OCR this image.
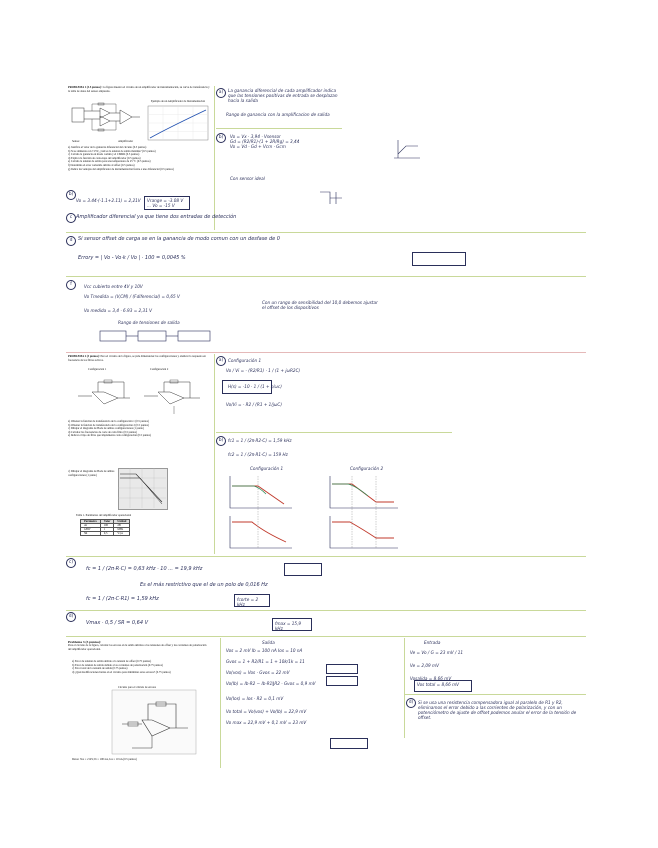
PROBLEMA 1 (3.5 puntos): La figura muestra el circuito de un amplificador de instrumentación, su curva de transferencia y la tabla de datos del sensor empleado.
Sensor	Amplificador
Ejemplo de un Amplificador de Instrumentación
a) Justifica el valor de la ganancia diferencial del circuito (0.5 puntos)
b) Si se alimenta con ±15V, ¿cuál es la tensión de salida máxima? (0.5 puntos)
c) Calcula la ganancia en modo común y el CMRR (0.5 puntos)
d) Explica la función de cada etapa del amplificador (0.5 puntos)
e) Calcula la tensión de salida para una temperatura de 25 °C (0.5 puntos)
f) Determina el error cometido debido al offset (0.5 puntos)
g) Indica las ventajas del amplificador de instrumentación frente a uno diferencial (0.5 puntos)
a)	La ganancia diferencial de cada amplificador indica que las tensiones positivas de entrada se desplazan hacia la salida
Rango de ganancia con la amplificacion de salida
b)	Vo = Vx · 3,94 · Vsensor
Gd = (R2/R1)·(1 + 2R/Rg) = 3,44
Vo = Vd · Gd + Vcm · Gcm
Con sensor ideal
b)
Vo = 3.44·(-1.1+2.11) = 2,21V	Vrange = -3.08 V ... Vo = -15 V
c Amplificador diferencial ya que tiene dos entradas de detección
d	Si sensor offset de carga se en la ganancia de modo comun con un desfase de 0
Errory = | Vo - Vo·k / Vo | · 100 = 0,0045 %
f	Vcc cubierto entre 4V y 10V
Vo Tmedida = (V,CM) / (Fdiferencial) = 0,65 V
Vo medida = 3,4 · 6.93 = 2,31 V
Con un rango de sensibilidad del 10,0 debemos ajustar el offset de los dispositivos
Rango de tensiones de salida
PROBLEMA 2 (3 puntos): Para el circuito de la figura, se pide dimensionar las configuraciones y analizar la respuesta en frecuencia de los filtros activos.
Configuración 1	Configuración 2
a) Obtener la función de transferencia de la configuración 1 (0.5 puntos)
b) Obtener la función de transferencia de la configuración 2 (0.5 puntos)
c) Dibujar el diagrama de Bode de ambas configuraciones (1 punto)
d) Calcular las frecuencias de corte de cada filtro (0.5 puntos)
e) Indicar el tipo de filtro que implementa cada configuración (0.5 puntos)
c) Dibujar el diagrama de Bode de ambas configuraciones (1 punto)
Tabla 1. Parámetros del amplificador operacional
Parámetro	Valor	Unidad
Av	100	dB
GBW	1	MHz
SR	0,5	V/µs
a)	Configuración 1
Vo / Vi = - (R2/R1) · 1 / (1 + jωR2C)
H(s) = -10 · 1 / (1 + s/ωc)
Vo/Vi = - R2 / (R1 + 1/jωC)
b)	fc1 = 1 / (2π·R2·C) = 1,59 kHz
fc2 = 1 / (2π·R1·C) = 159 Hz
Configuración 1	Configuración 2
c)
fc = 1 / (2π·R·C) = 0,63 kHz · 10 ... = 19,9 kHz
Es el más restrictivo que el de un polo de 0,016 Hz
fc = 1 / (2π·C·R1) = 1,59 kHz	fcorte = 2 kHz
d)
Vmax · 0,5 / SR = 0,64 V	fmax = 15,9 kHz
Problema 3 (3 puntos):
Para el circuito de la figura, calcular los errores en la salida debidos a las tensiones de offset y las corrientes de polarización del amplificador operacional.
a) Error de tensión de salida debido a la tensión de offset (0.75 puntos)
b) Error de tensión de salida debido a las corrientes de polarización (0.75 puntos)
c) Error total de la tensión de salida (0.75 puntos)
d) ¿Qué modificaciones harías en el circuito para minimizar estos errores? (0.75 puntos)
Circuito para el cálculo de errores
Datos: Vos = 2 mV, Ib = 100 nA, Ios = 10 nA (0.5 puntos)
Salida
Vos = 2 mV Ib = 100 nA Ios = 10 nA
Gvos = 1 + R2/R1 = 1 + 10k/1k = 11
Vo(vos) = Vos · Gvos = 22 mV
Vo(Ib) = Ib·R2 − Ib·R1‖R2 · Gvos = 0,9 mV
Vo(Ios) = Ios · R2 = 0,1 mV
Vo total = Vo(vos) + Vo(Ib) = 22,9 mV
Vo max = 22,9 mV + 0,1 mV = 23 mV
Entrada
Ve = Vo / G = 23 mV / 11
Ve = 2,09 mV
Vosalida = 8,66 mV
Vos total = 8,66 mV
d)	Si se usa una resistencia compensadora igual al paralelo de R1 y R2, eliminamos el error debido a las corrientes de polarización, y con un potenciómetro de ajuste de offset podemos anular el error de la tensión de offset.
